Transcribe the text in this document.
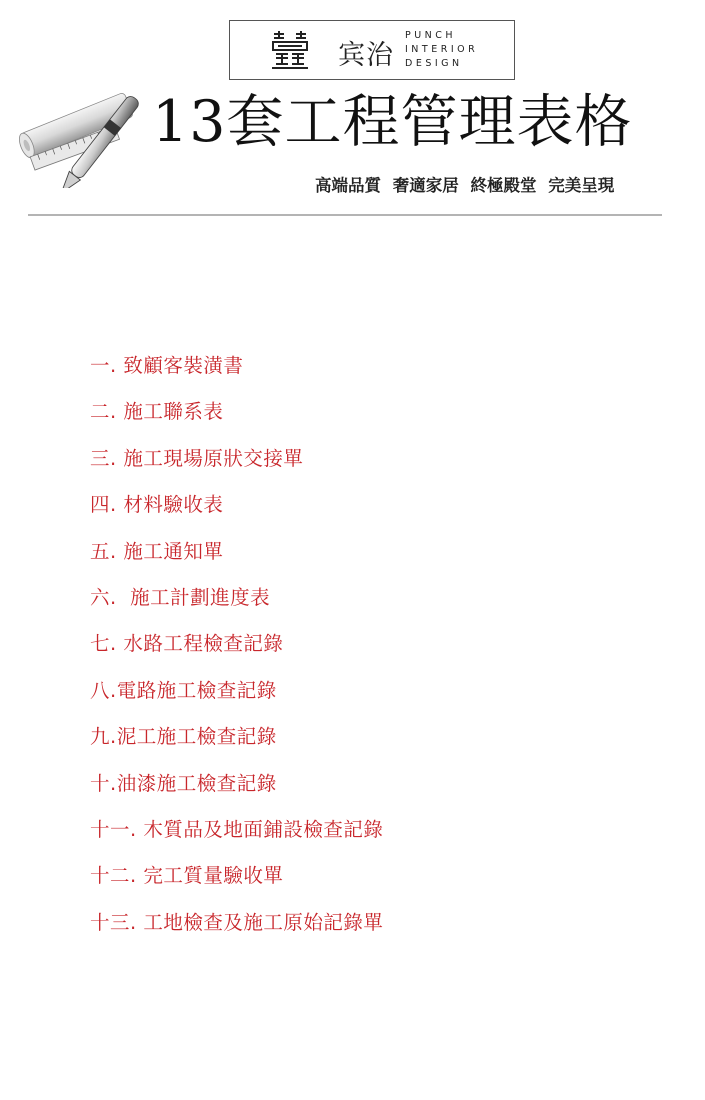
宾治
PUNCH
INTERIOR
DESIGN
13套工程管理表格
高端品質 奢適家居 終極殿堂 完美呈現
一. 致顧客裝潢書
二. 施工聯系表
三. 施工現場原狀交接單
四. 材料驗收表
五. 施工通知單
六.  施工計劃進度表
七. 水路工程檢查記錄
八.電路施工檢查記錄
九.泥工施工檢查記錄
十.油漆施工檢查記錄
十一. 木質品及地面鋪設檢查記錄
十二. 完工質量驗收單
十三. 工地檢查及施工原始記錄單
